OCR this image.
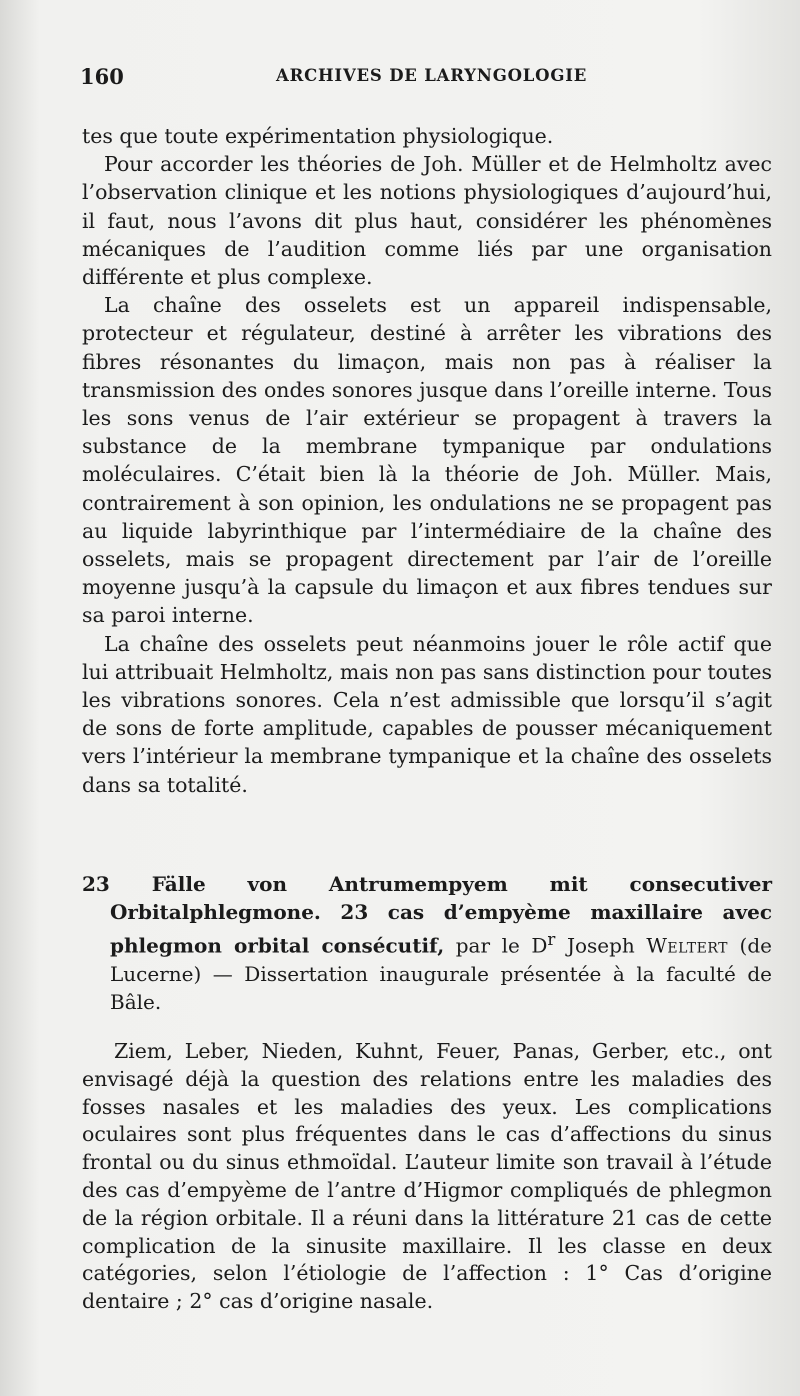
160	ARCHIVES DE LARYNGOLOGIE

tes que toute expérimentation physiologique.

Pour accorder les théories de Joh. Müller et de Helmholtz avec l’observation clinique et les notions physiologiques d’aujourd’hui, il faut, nous l’avons dit plus haut, considérer les phénomènes mécaniques de l’audition comme liés par une organisation différente et plus complexe.

La chaîne des osselets est un appareil indispensable, protecteur et régulateur, destiné à arrêter les vibrations des fibres résonantes du limaçon, mais non pas à réaliser la transmission des ondes sonores jusque dans l’oreille interne. Tous les sons venus de l’air extérieur se propagent à travers la substance de la membrane tympanique par ondulations moléculaires. C’était bien là la théorie de Joh. Müller. Mais, contrairement à son opinion, les ondulations ne se propagent pas au liquide labyrinthique par l’intermédiaire de la chaîne des osselets, mais se propagent directement par l’air de l’oreille moyenne jusqu’à la capsule du limaçon et aux fibres tendues sur sa paroi interne.

La chaîne des osselets peut néanmoins jouer le rôle actif que lui attribuait Helmholtz, mais non pas sans distinction pour toutes les vibrations sonores. Cela n’est admissible que lorsqu’il s’agit de sons de forte amplitude, capables de pousser mécaniquement vers l’intérieur la membrane tympanique et la chaîne des osselets dans sa totalité.

23 Fälle von Antrumempyem mit consecutiver Orbitalphlegmone. 23 cas d’empyème maxillaire avec phlegmon orbital consécutif, par le $D^r$ Joseph Weltert (de Lucerne) — Dissertation inaugurale présentée à la faculté de Bâle.

Ziem, Leber, Nieden, Kuhnt, Feuer, Panas, Gerber, etc., ont envisagé déjà la question des relations entre les maladies des fosses nasales et les maladies des yeux. Les complications oculaires sont plus fréquentes dans le cas d’affections du sinus frontal ou du sinus ethmoïdal. L’auteur limite son travail à l’étude des cas d’empyème de l’antre d’Higmor compliqués de phlegmon de la région orbitale. Il a réuni dans la littérature 21 cas de cette complication de la sinusite maxillaire. Il les classe en deux catégories, selon l’étiologie de l’affection : 1° Cas d’origine dentaire ; 2° cas d’origine nasale.
